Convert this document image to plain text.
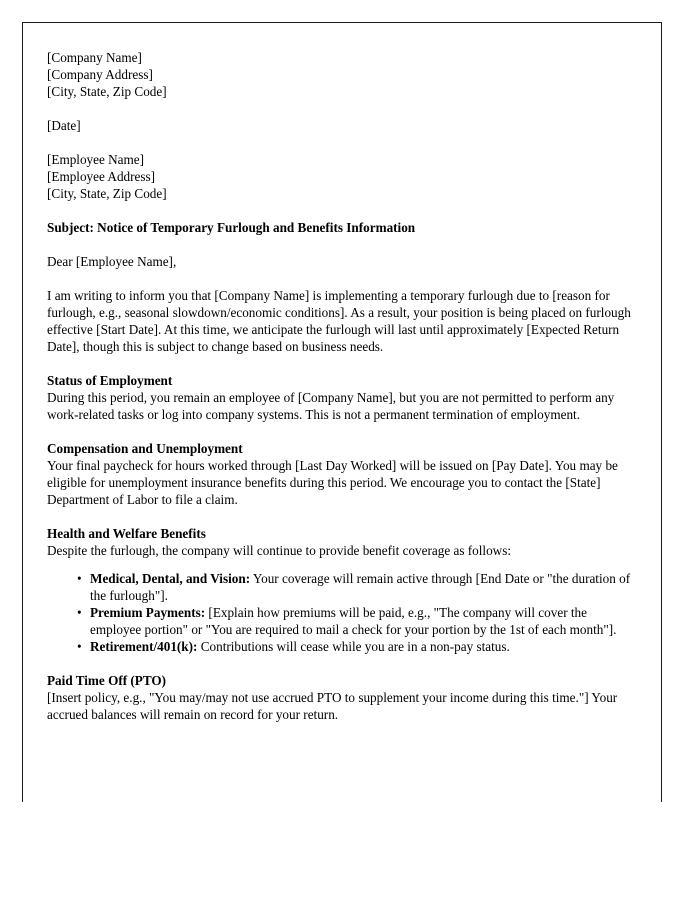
[Company Name]
[Company Address]
[City, State, Zip Code]
[Date]
[Employee Name]
[Employee Address]
[City, State, Zip Code]
Subject: Notice of Temporary Furlough and Benefits Information
Dear [Employee Name],

I am writing to inform you that [Company Name] is implementing a temporary furlough due to [reason for furlough, e.g., seasonal slowdown/economic conditions]. As a result, your position is being placed on furlough effective [Start Date]. At this time, we anticipate the furlough will last until approximately [Expected Return Date], though this is subject to change based on business needs.

Status of Employment

During this period, you remain an employee of [Company Name], but you are not permitted to perform any work-related tasks or log into company systems. This is not a permanent termination of employment.

Compensation and Unemployment

Your final paycheck for hours worked through [Last Day Worked] will be issued on [Pay Date]. You may be eligible for unemployment insurance benefits during this period. We encourage you to contact the [State] Department of Labor to file a claim.

Health and Welfare Benefits

Despite the furlough, the company will continue to provide benefit coverage as follows:

• Medical, Dental, and Vision: Your coverage will remain active through [End Date or "the duration of the furlough"].
• Premium Payments: [Explain how premiums will be paid, e.g., "The company will cover the employee portion" or "You are required to mail a check for your portion by the 1st of each month"].
• Retirement/401(k): Contributions will cease while you are in a non-pay status.
Paid Time Off (PTO)

[Insert policy, e.g., "You may/may not use accrued PTO to supplement your income during this time."] Your accrued balances will remain on record for your return.
